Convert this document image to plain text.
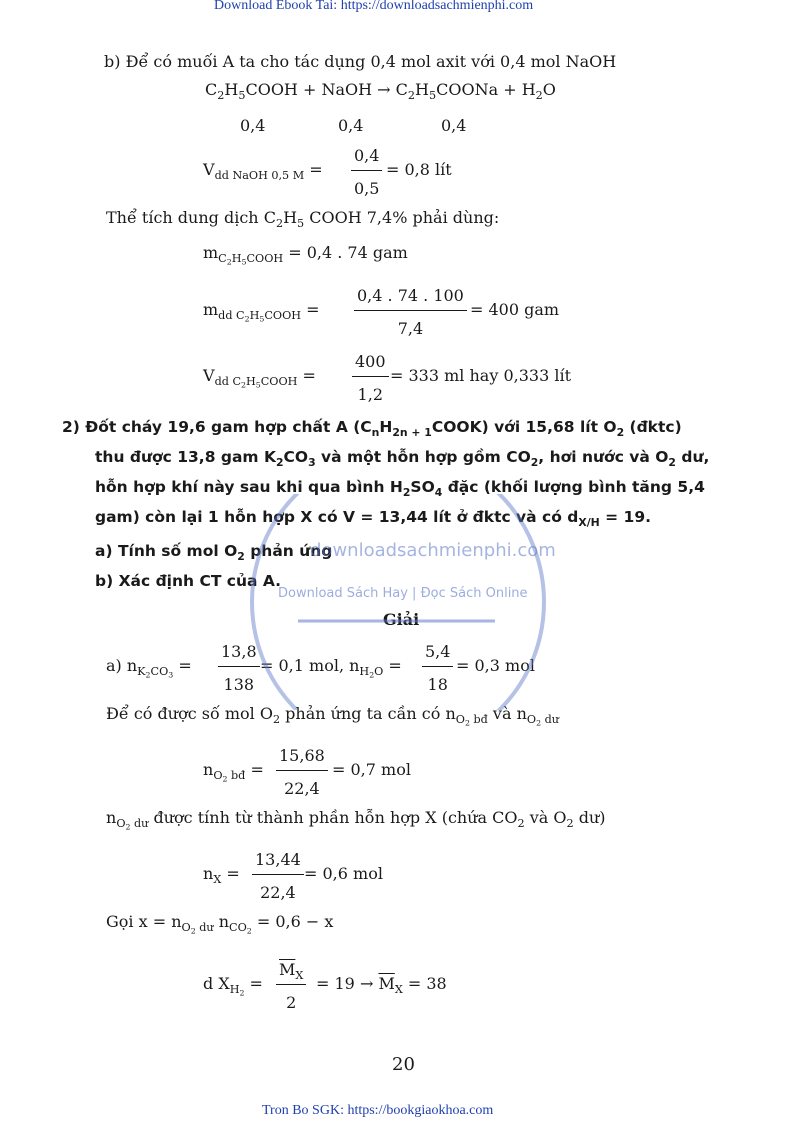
Download Ebook Tai: https://downloadsachmienphi.com
b) Để có muối A ta cho tác dụng 0,4 mol axit với 0,4 mol NaOH
$C_2H_5COOH$ + NaOH → $C_2H_5COONa + H_2O$
0,4	0,4	0,4
$V_{dd NaOH 0,5 M}$ =
0,4
0,5
= 0,8 lít
Thể tích dung dịch $C_2H_5$ COOH 7,4% phải dùng:
$m_{C_2H_5COOH} = 0,4$ . 74 gam
$m_{dd C_2H_5COOH}$ =
0,4 . 74 . 100
7,4
= 400 gam
$V_{dd C_2H_5COOH}$ =
400
1,2
= 333 ml hay 0,333 lít
2) Đốt cháy 19,6 gam hợp chất A $(C_nH_{2n + 1}COOK)$ với 15,68 lít $O_2$ (đktc)
thu được 13,8 gam $K_2CO_3$ và một hỗn hợp gồm $CO_2$, hơi nước và $O_2$ dư,
hỗn hợp khí này sau khi qua bình $H_2SO_4$ đặc (khối lượng bình tăng 5,4
gam) còn lại 1 hỗn hợp X có V = 13,44 lít ở đktc và có $d_{X/H} = 19$.
a) Tính số mol $O_2$ phản ứng
b) Xác định CT của A.
Giải
a) $n_{K_2CO_3}$ =
13,8
138
= 0,1 mol, $n_{H_2O}$ =
5,4
18
= 0,3 mol
Để có được số mol $O_2$ phản ứng ta cần có $n_{O_2 bđ}$ và $n_{O_2 dư}$
$n_{O_2 bđ}$ =
15,68
22,4
= 0,7 mol
$n_{O_2 dư}$ được tính từ thành phần hỗn hợp X (chứa $CO_2$ và $O_2$ dư)
$n_X$ =
13,44
22,4
= 0,6 mol
Gọi $x = n_{O_2 dư}$ $n_{CO_2} = 0,6 - x$
d $X_{H_2}$ =
$\overline{M}_X$
2
= $19 \to \overline{M}_X = 38$
20
Tron Bo SGK: https://bookgiaokhoa.com
downloadsachmienphi.com
Download Sách Hay | Đọc Sách Online
